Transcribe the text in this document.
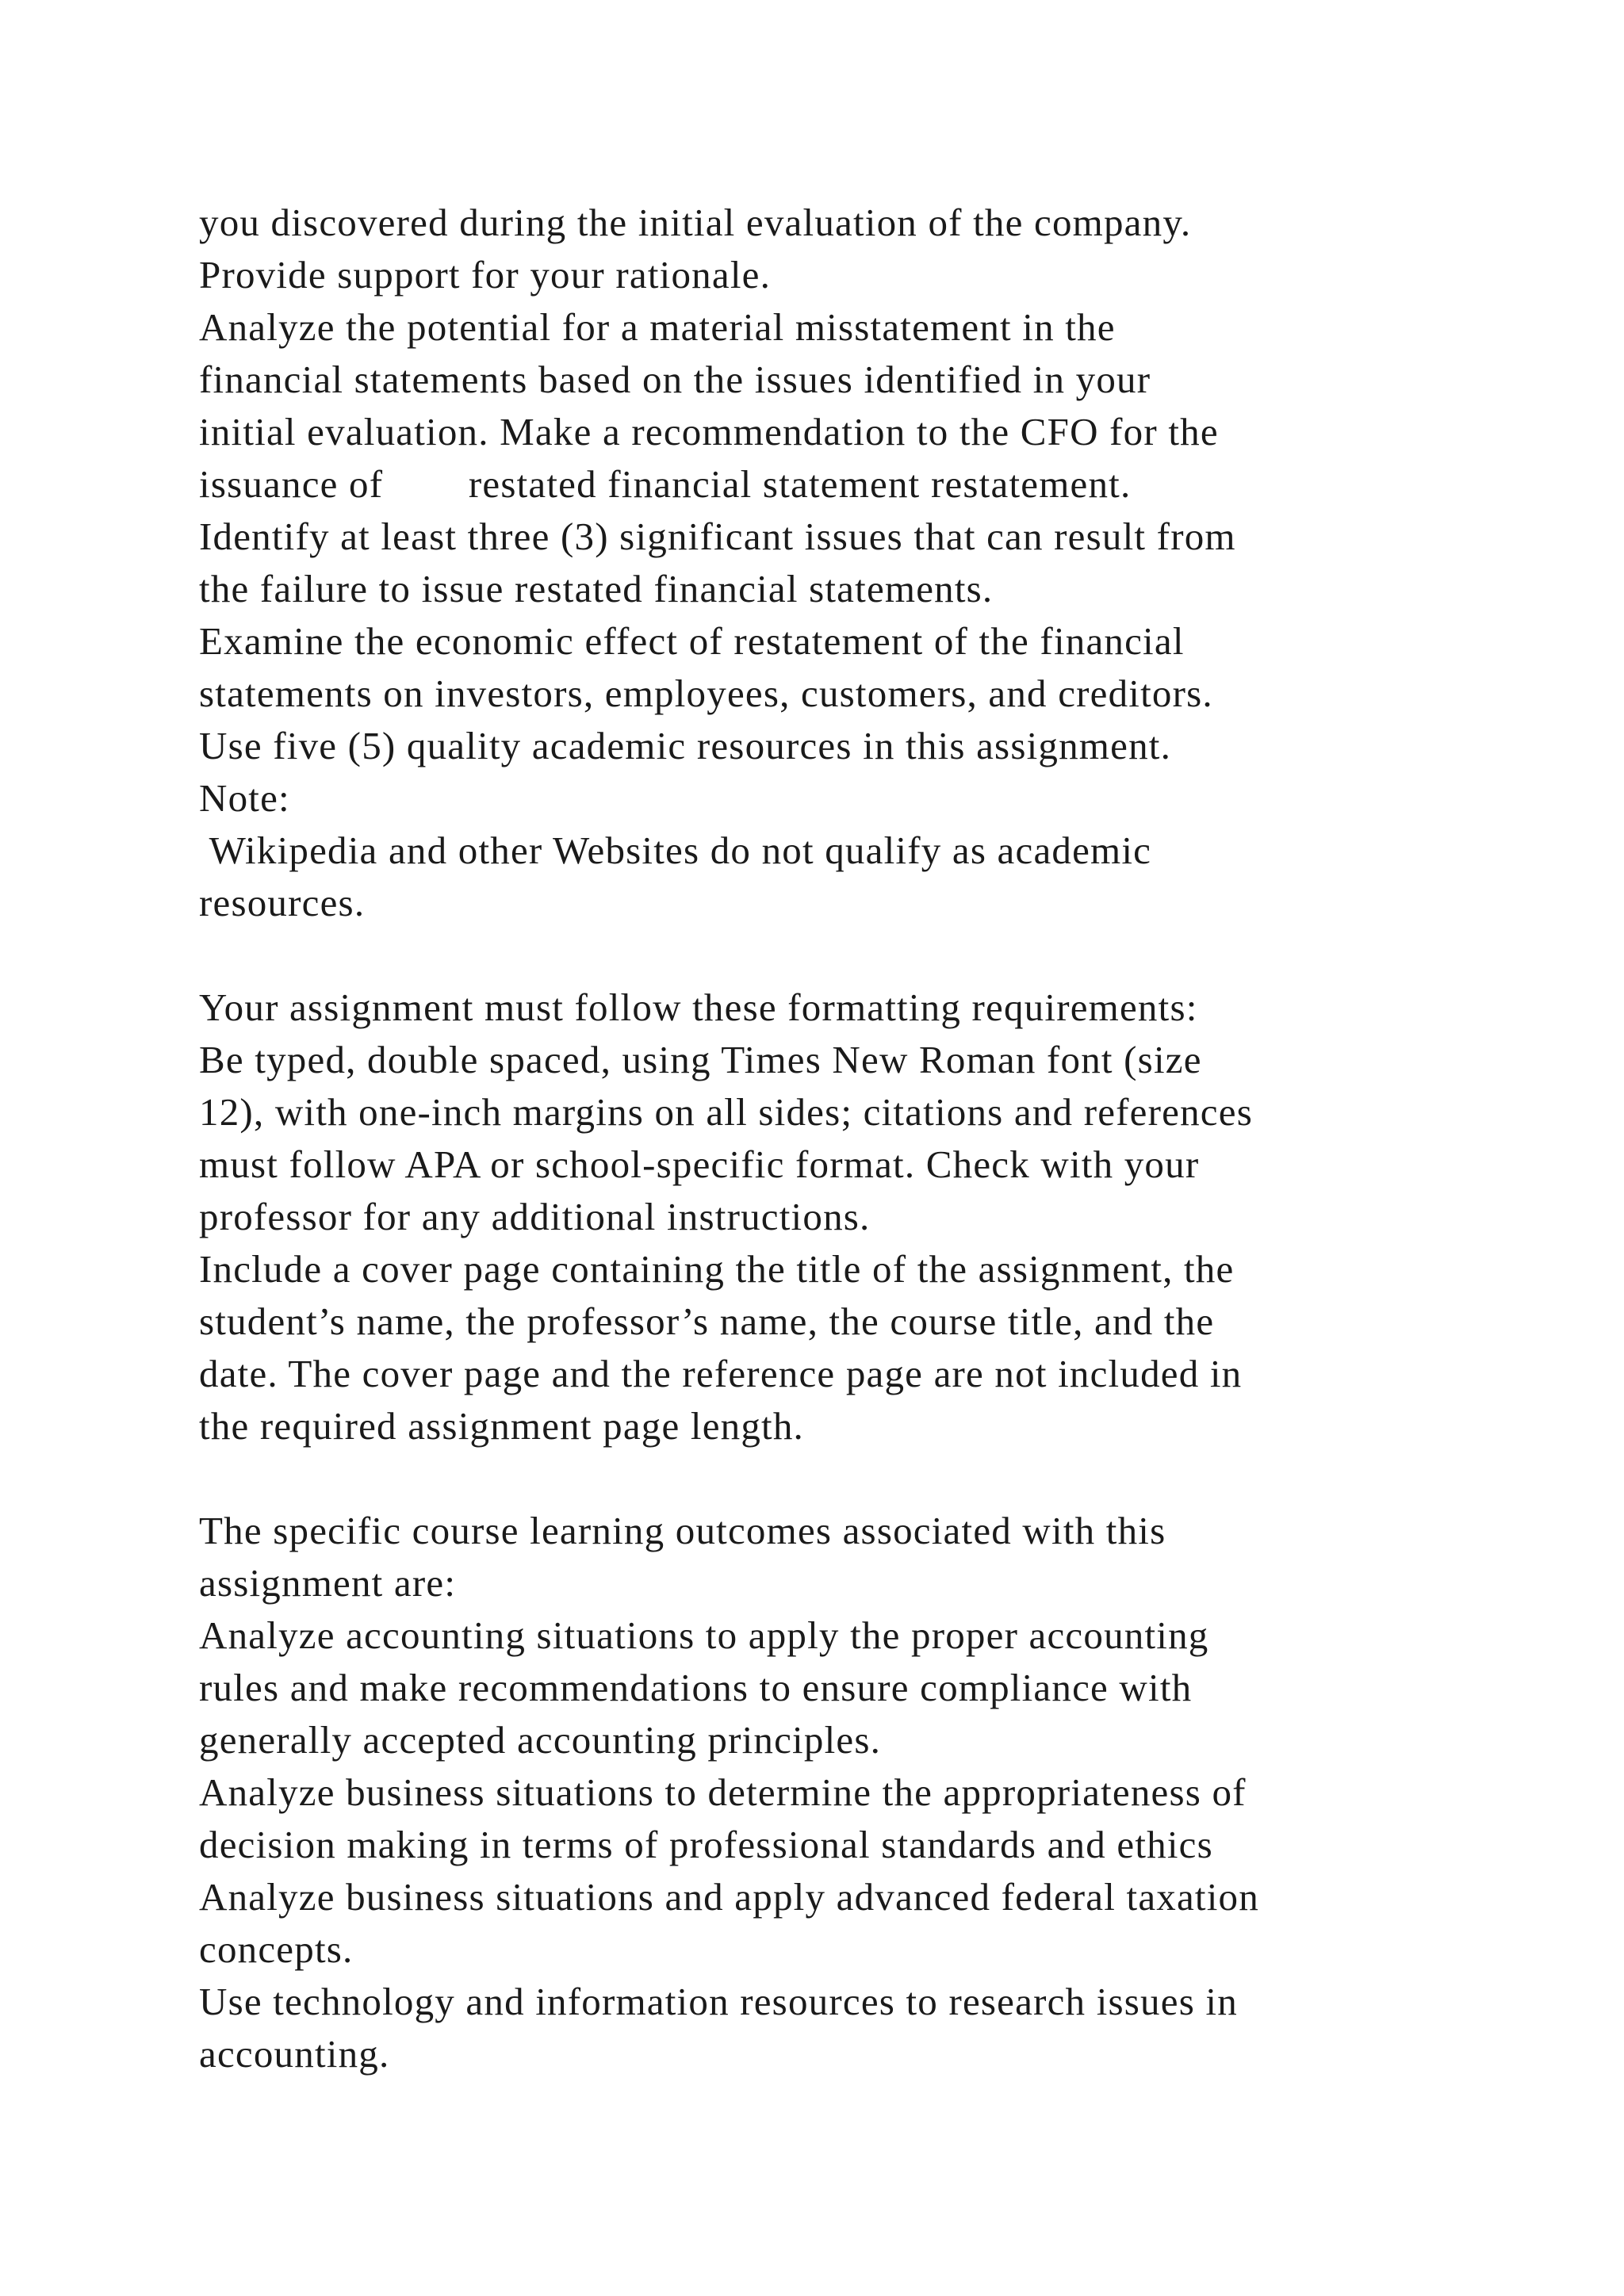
you discovered during the initial evaluation of the company.
Provide support for your rationale.
Analyze the potential for a material misstatement in the
financial statements based on the issues identified in your
initial evaluation. Make a recommendation to the CFO for the
issuance of        restated financial statement restatement.
Identify at least three (3) significant issues that can result from
the failure to issue restated financial statements.
Examine the economic effect of restatement of the financial
statements on investors, employees, customers, and creditors.
Use five (5) quality academic resources in this assignment.
Note:
Wikipedia and other Websites do not qualify as academic
resources.
Your assignment must follow these formatting requirements:
Be typed, double spaced, using Times New Roman font (size
12), with one-inch margins on all sides; citations and references
must follow APA or school-specific format. Check with your
professor for any additional instructions.
Include a cover page containing the title of the assignment, the
student’s name, the professor’s name, the course title, and the
date. The cover page and the reference page are not included in
the required assignment page length.
The specific course learning outcomes associated with this
assignment are:
Analyze accounting situations to apply the proper accounting
rules and make recommendations to ensure compliance with
generally accepted accounting principles.
Analyze business situations to determine the appropriateness of
decision making in terms of professional standards and ethics
Analyze business situations and apply advanced federal taxation
concepts.
Use technology and information resources to research issues in
accounting.
